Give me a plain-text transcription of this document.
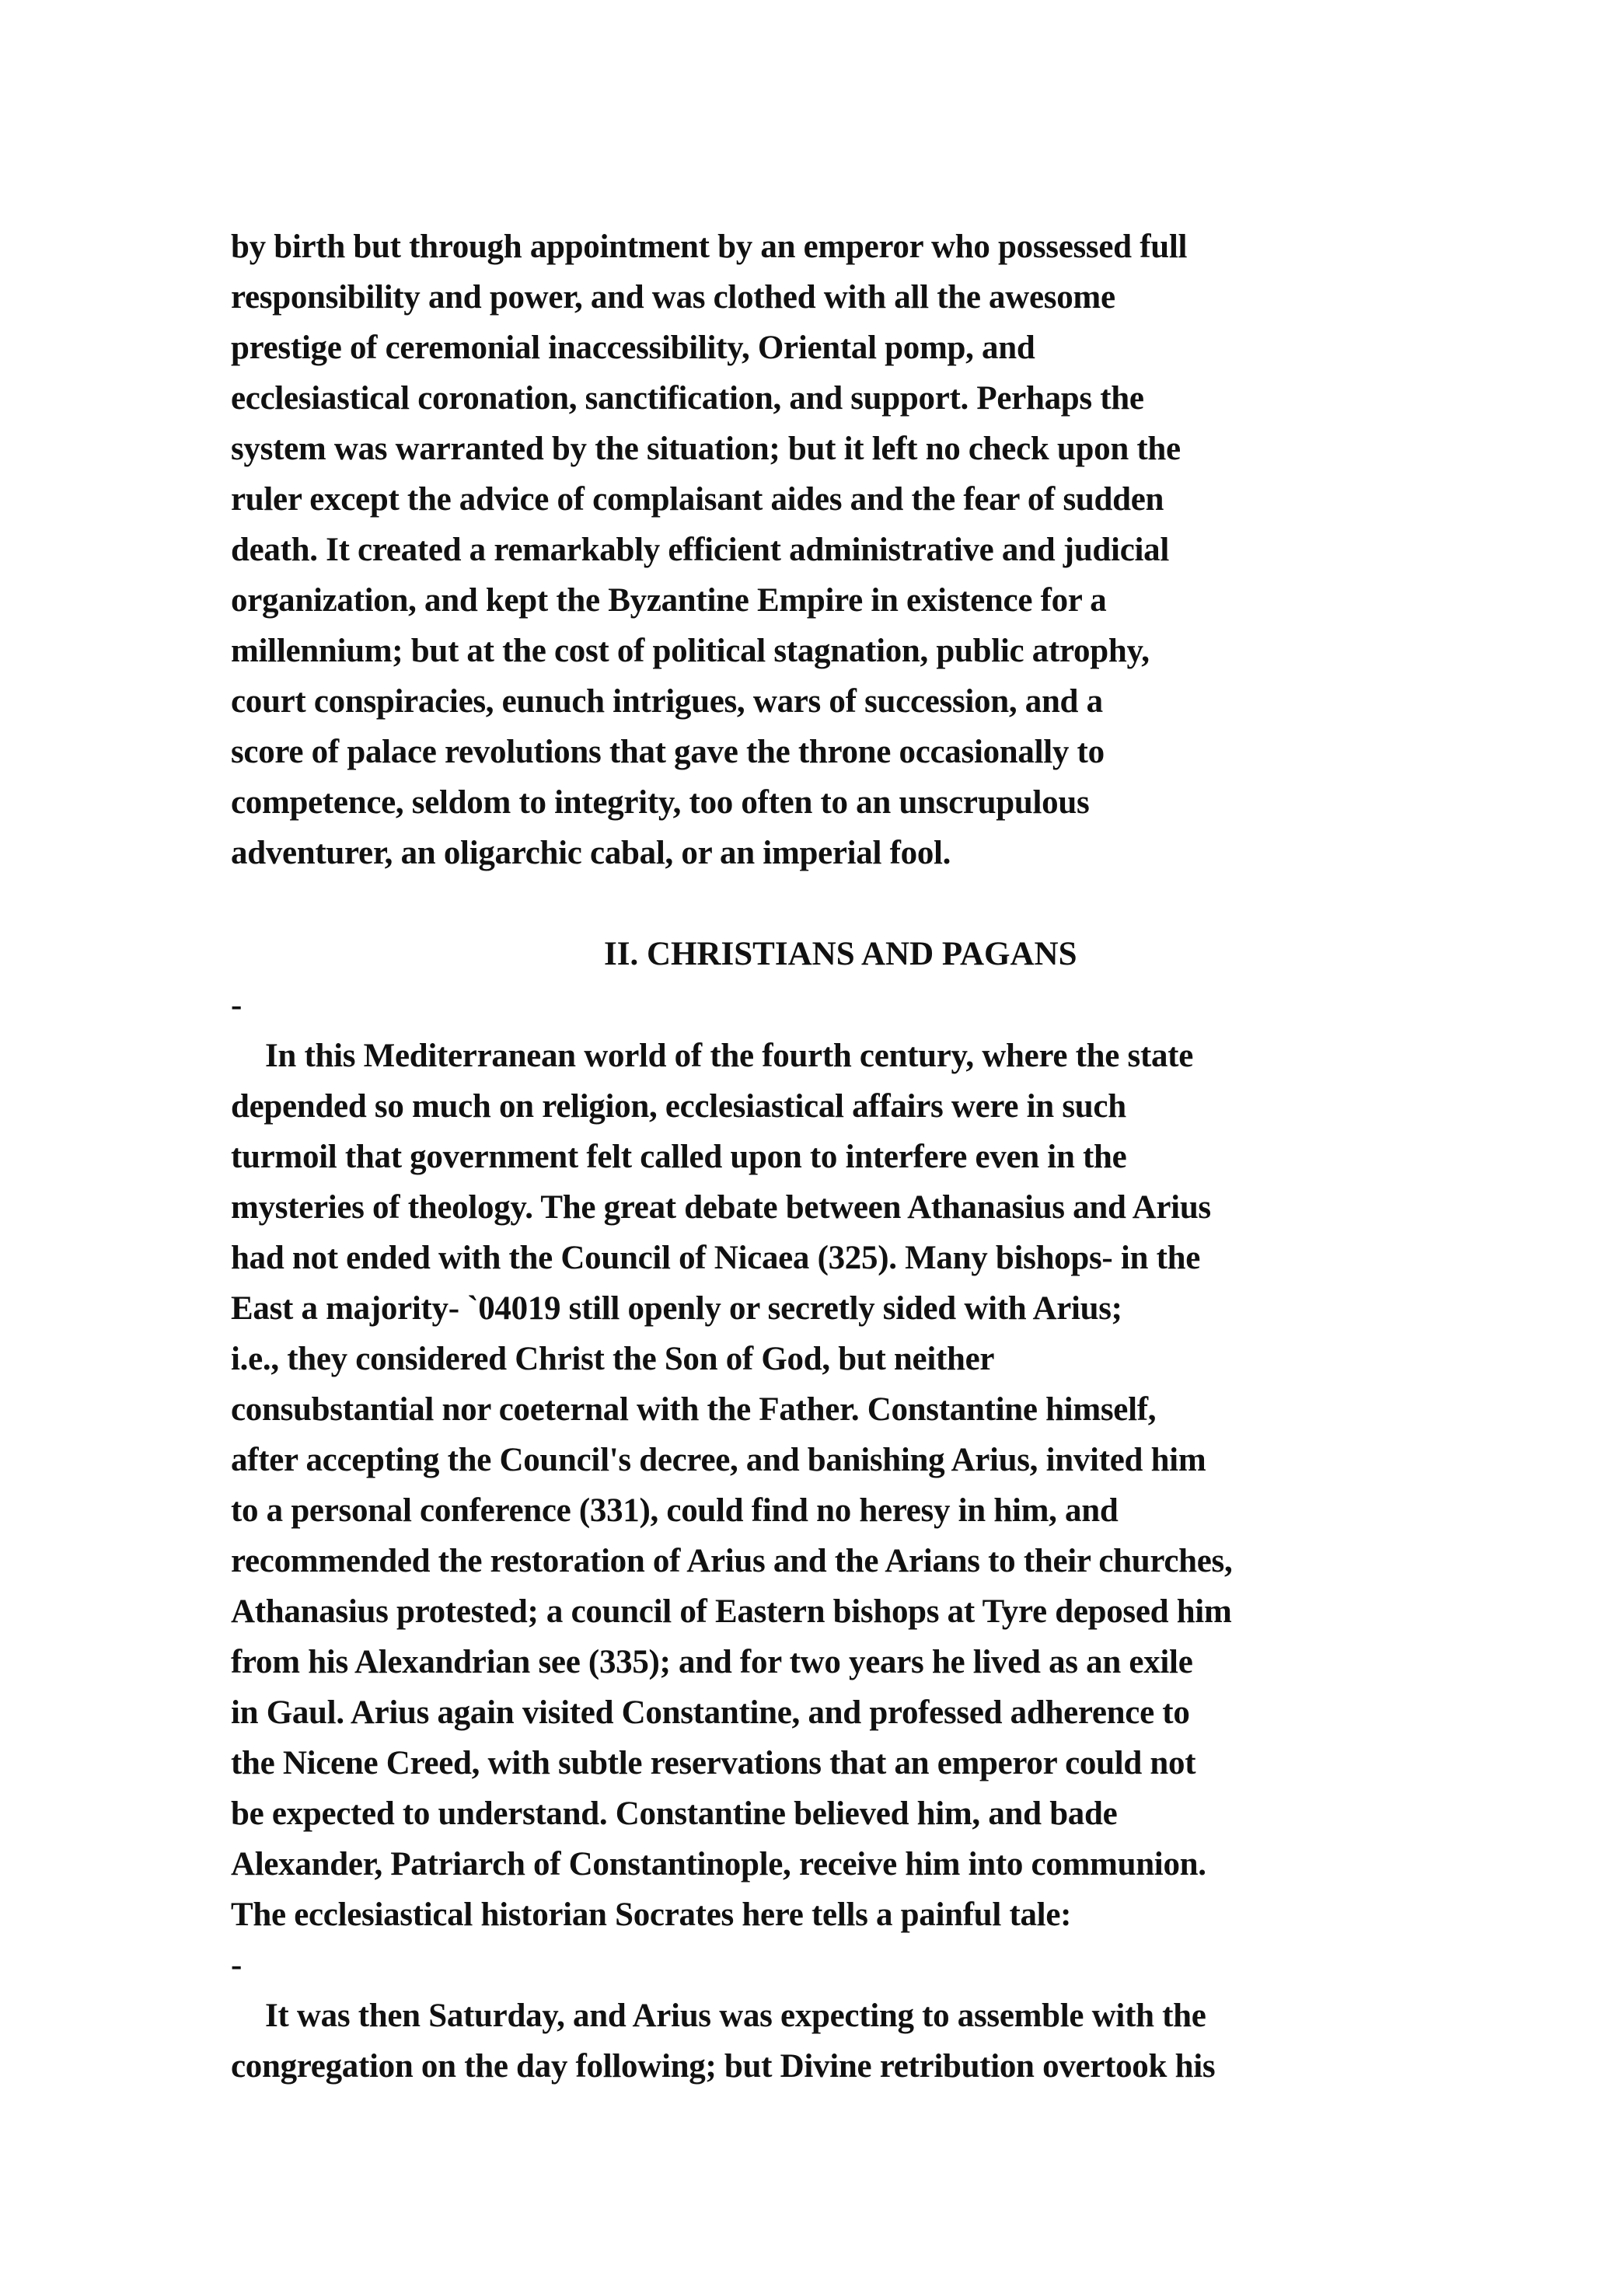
by birth but through appointment by an emperor who possessed full
responsibility and power, and was clothed with all the awesome
prestige of ceremonial inaccessibility, Oriental pomp, and
ecclesiastical coronation, sanctification, and support. Perhaps the
system was warranted by the situation; but it left no check upon the
ruler except the advice of complaisant aides and the fear of sudden
death. It created a remarkably efficient administrative and judicial
organization, and kept the Byzantine Empire in existence for a
millennium; but at the cost of political stagnation, public atrophy,
court conspiracies, eunuch intrigues, wars of succession, and a
score of palace revolutions that gave the throne occasionally to
competence, seldom to integrity, too often to an unscrupulous
adventurer, an oligarchic cabal, or an imperial fool.
II. CHRISTIANS AND PAGANS
-
In this Mediterranean world of the fourth century, where the state
depended so much on religion, ecclesiastical affairs were in such
turmoil that government felt called upon to interfere even in the
mysteries of theology. The great debate between Athanasius and Arius
had not ended with the Council of Nicaea (325). Many bishops- in the
East a majority- `04019 still openly or secretly sided with Arius;
i.e., they considered Christ the Son of God, but neither
consubstantial nor coeternal with the Father. Constantine himself,
after accepting the Council's decree, and banishing Arius, invited him
to a personal conference (331), could find no heresy in him, and
recommended the restoration of Arius and the Arians to their churches,
Athanasius protested; a council of Eastern bishops at Tyre deposed him
from his Alexandrian see (335); and for two years he lived as an exile
in Gaul. Arius again visited Constantine, and professed adherence to
the Nicene Creed, with subtle reservations that an emperor could not
be expected to understand. Constantine believed him, and bade
Alexander, Patriarch of Constantinople, receive him into communion.
The ecclesiastical historian Socrates here tells a painful tale:
-
It was then Saturday, and Arius was expecting to assemble with the
congregation on the day following; but Divine retribution overtook his
